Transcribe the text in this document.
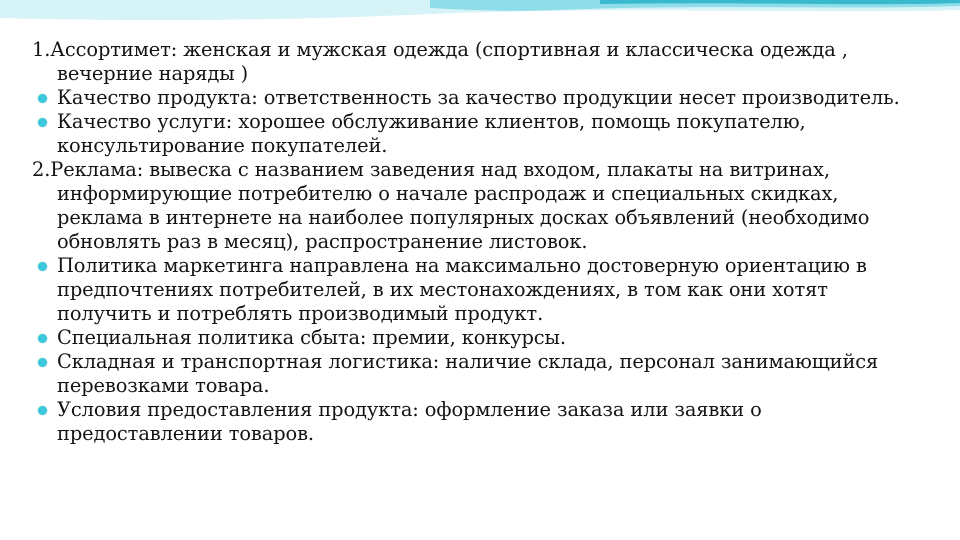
1.Ассортимет: женская и мужская одежда (спортивная и классическа одежда , вечерние наряды )
Качество продукта: ответственность за качество продукции несет производитель.
Качество услуги: хорошее обслуживание клиентов, помощь покупателю, консультирование покупателей.
2.Реклама: вывеска с названием заведения над входом, плакаты на витринах, информирующие потребителю о начале распродаж и специальных скидках, реклама в интернете на наиболее популярных досках объявлений (необходимо обновлять раз в месяц), распространение листовок.
Политика маркетинга направлена на максимально достоверную ориентацию в предпочтениях потребителей, в их местонахождениях, в том как они хотят получить и потреблять производимый продукт.
Специальная политика сбыта: премии, конкурсы.
Складная и транспортная логистика: наличие склада, персонал занимающийся перевозками товара.
Условия предоставления продукта: оформление заказа или заявки о предоставлении товаров.
